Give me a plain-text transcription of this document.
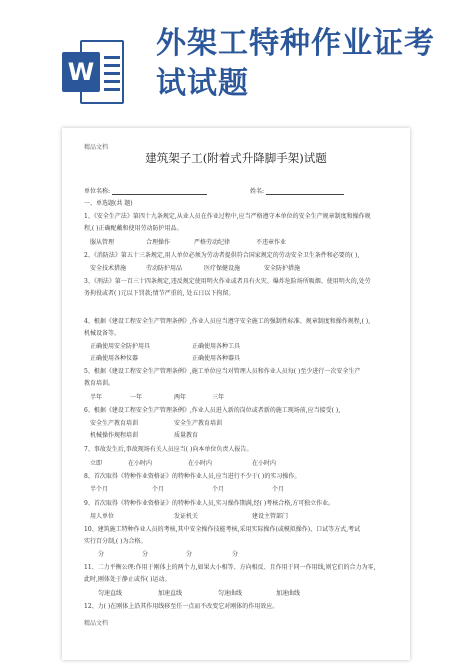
W
外架工特种作业证考试试题
精品文档
建筑架子工(附着式升降脚手架)试题
单位名称:	姓名:
一、单选题(共 题)
1、《安全生产法》第四十九条规定,从业人员在作业过程中,应当严格遵守本单位的安全生产规章制度和操作规
程,( )正确配戴和使用劳动防护用品。
服从管理	合理操作	严格劳动纪律	不违章作业
2、《消防法》第五十三条规定,用人单位必须为劳动者提供符合国家规定的劳动安全卫生条件和必要的( ),
安全技术措施	劳动防护用品	医疗保健设施	安全防护措施
3、《刑法》第一百三十四条规定,违反规定使用明火作业或者具有火灾、爆炸危险场所吸烟、使用明火的,处劳
务拘役或者( )元以下罚款;情节严重的, 处五日以下拘留。
4、根据《建设工程安全生产管理条例》,作业人员应当遵守安全施工的强制性标准、规章制度和操作规程,( ),
机械设备等。
正确使用安全防护用具	正确使用各种工具
正确使用各种仪器	正确使用各种器具
5、根据《建设工程安全生产管理条例》,施工单位应当对管理人员和作业人员每( )至少进行一次安全生产
教育培训。
半年	一年	两年	三年
6、根据《建设工程安全生产管理条例》,作业人员进入新的岗位或者新的施工现场前,应当接受( ),
安全生产教育培训	安全生产教育培训
机械操作规程培训	质量教育
7、事故发生后,事故现场有关人员应当( )向本单位负责人报告。
立即	在小时内	在小时内	在小时内
8、首次取得《特种作业资格证》的特种作业人员,应当进行不少于( )的实习操作。
半个月	个月	个月	个月
9、首次取得《特种作业资格证》的特种作业人员,实习操作期满,经( )考核合格,方可独立作业。
用人单位	发证机关	建设主管部门
10、建筑施工特种作业人员的考核,其中安全操作技能考核,采用实际操作(或模拟操作)、口试等方式,考试
实行百分制,( )为合格。
分	分	分	分
11、二力平衡公理:作用于刚体上的两个力,如果大小相等、方向相反、且作用于同一作用线,则它们的合力为零,
此时,刚体处于静止或作( )运动。
匀速直线	加速直线	匀速曲线	加速曲线
12、力( )在刚体上沿其作用线移至任一点而不改变它对刚体的作用效应。
精品文档
